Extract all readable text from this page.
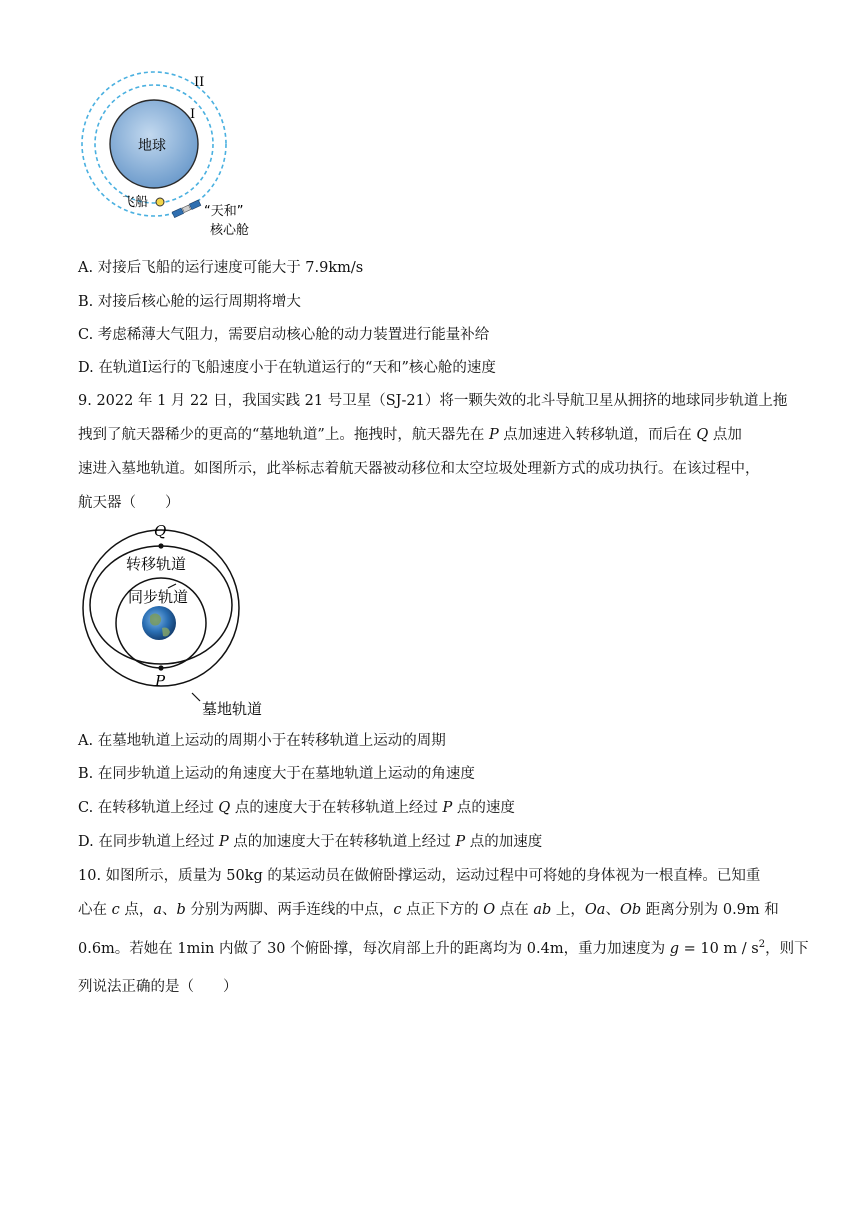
地球
II
I
飞船
“天和”
核心舱
A. 对接后飞船的运行速度可能大于 7.9km/s
B. 对接后核心舱的运行周期将增大
C. 考虑稀薄大气阻力，需要启动核心舱的动力装置进行能量补给
D. 在轨道I运行的飞船速度小于在轨道运行的“天和”核心舱的速度
9. 2022 年 1 月 22 日，我国实践 21 号卫星（SJ-21）将一颗失效的北斗导航卫星从拥挤的地球同步轨道上拖
拽到了航天器稀少的更高的“墓地轨道”上。拖拽时，航天器先在 P 点加速进入转移轨道，而后在 Q 点加
速进入墓地轨道。如图所示，此举标志着航天器被动移位和太空垃圾处理新方式的成功执行。在该过程中，
航天器（　　）
Q
P
转移轨道
同步轨道
墓地轨道
A. 在墓地轨道上运动的周期小于在转移轨道上运动的周期
B. 在同步轨道上运动的角速度大于在墓地轨道上运动的角速度
C. 在转移轨道上经过 Q 点的速度大于在转移轨道上经过 P 点的速度
D. 在同步轨道上经过 P 点的加速度大于在转移轨道上经过 P 点的加速度
10. 如图所示，质量为 50kg 的某运动员在做俯卧撑运动，运动过程中可将她的身体视为一根直棒。已知重
心在 c 点，a、b 分别为两脚、两手连线的中点，c 点正下方的 O 点在 ab 上，Oa、Ob 距离分别为 0.9m 和
0.6m。若她在 1min 内做了 30 个俯卧撑，每次肩部上升的距离均为 0.4m，重力加速度为 g = 10 m / $s^2$，则下
列说法正确的是（　　）
